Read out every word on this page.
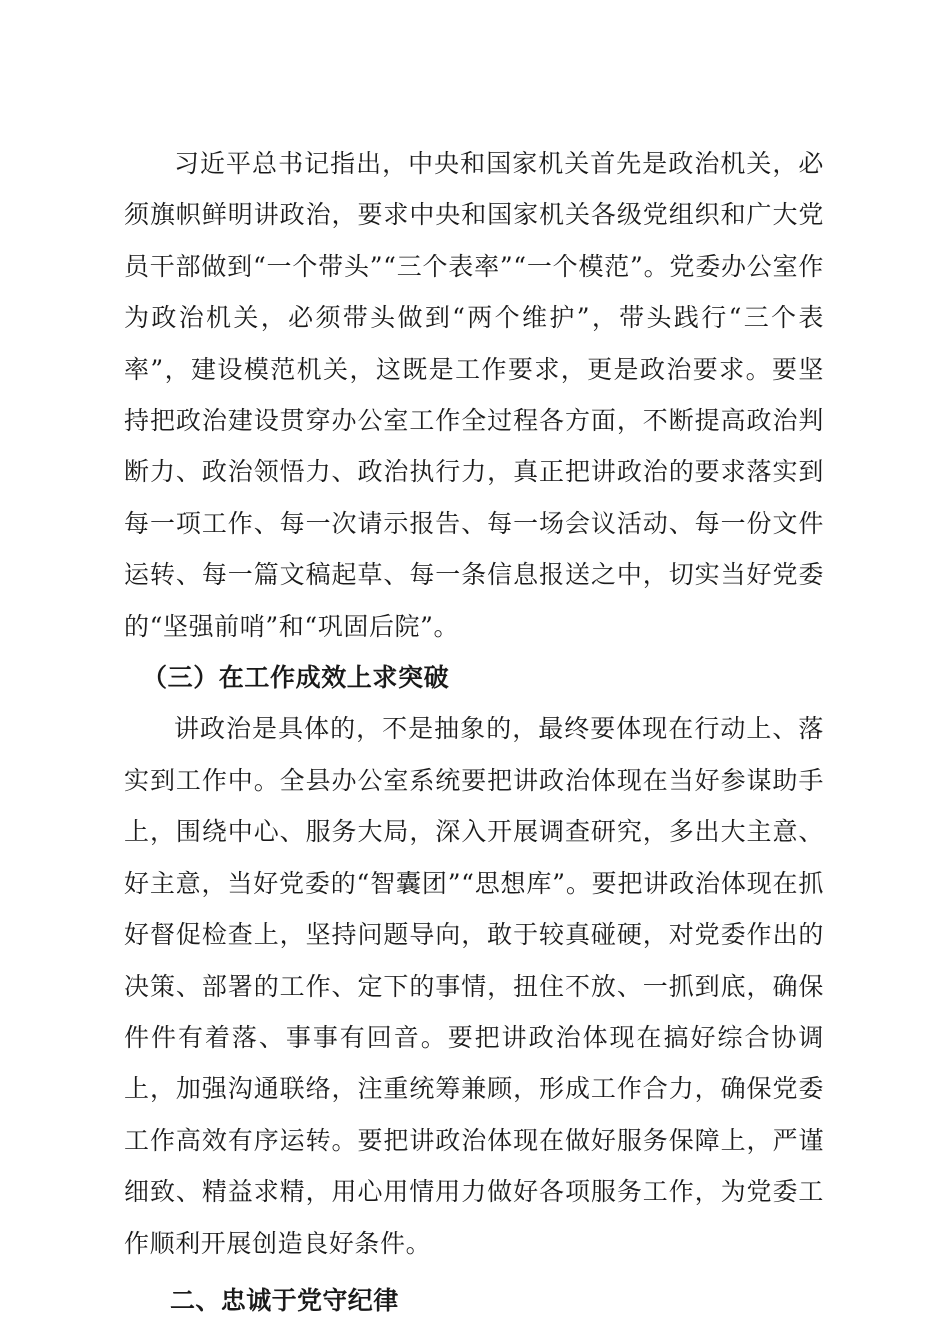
习近平总书记指出，中央和国家机关首先是政治机关，必须旗帜鲜明讲政治，要求中央和国家机关各级党组织和广大党员干部做到“一个带头”“三个表率”“一个模范”。党委办公室作为政治机关，必须带头做到“两个维护”，带头践行“三个表率”，建设模范机关，这既是工作要求，更是政治要求。要坚持把政治建设贯穿办公室工作全过程各方面，不断提高政治判断力、政治领悟力、政治执行力，真正把讲政治的要求落实到每一项工作、每一次请示报告、每一场会议活动、每一份文件运转、每一篇文稿起草、每一条信息报送之中，切实当好党委的“坚强前哨”和“巩固后院”。

（三）在工作成效上求突破

讲政治是具体的，不是抽象的，最终要体现在行动上、落实到工作中。全县办公室系统要把讲政治体现在当好参谋助手上，围绕中心、服务大局，深入开展调查研究，多出大主意、好主意，当好党委的“智囊团”“思想库”。要把讲政治体现在抓好督促检查上，坚持问题导向，敢于较真碰硬，对党委作出的决策、部署的工作、定下的事情，扭住不放、一抓到底，确保件件有着落、事事有回音。要把讲政治体现在搞好综合协调上，加强沟通联络，注重统筹兼顾，形成工作合力，确保党委工作高效有序运转。要把讲政治体现在做好服务保障上，严谨细致、精益求精，用心用情用力做好各项服务工作，为党委工作顺利开展创造良好条件。

二、忠诚于党守纪律
